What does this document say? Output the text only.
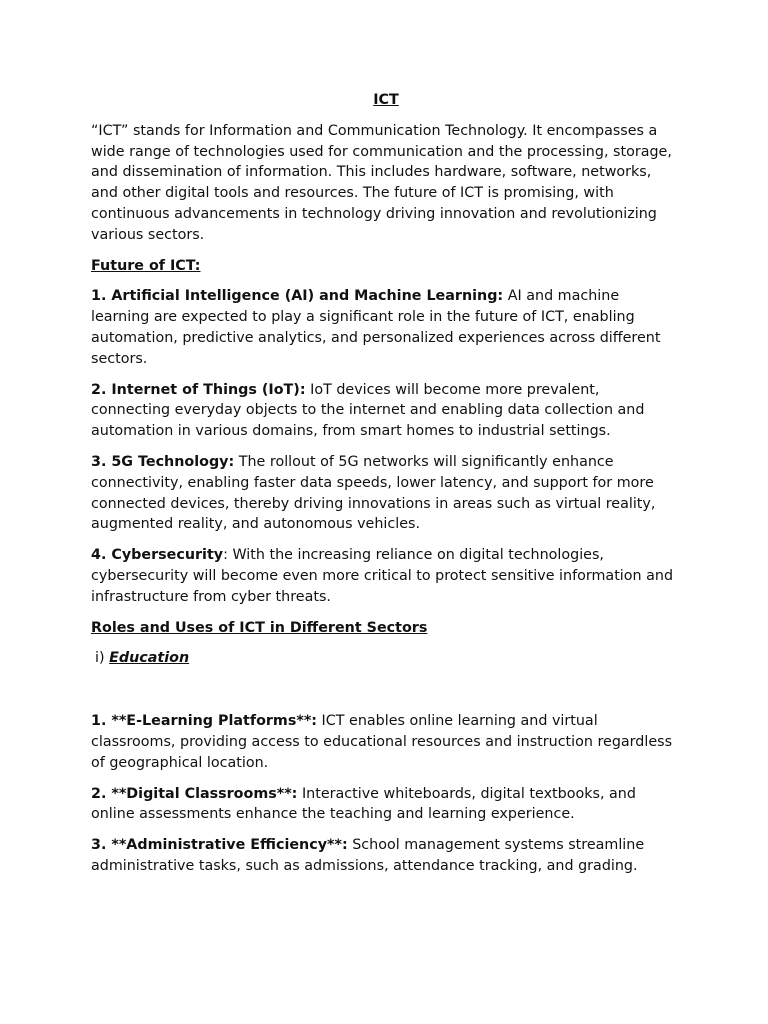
ICT

“ICT” stands for Information and Communication Technology. It encompasses a wide range of technologies used for communication and the processing, storage, and dissemination of information. This includes hardware, software, networks, and other digital tools and resources. The future of ICT is promising, with continuous advancements in technology driving innovation and revolutionizing various sectors.

Future of ICT:

1. Artificial Intelligence (AI) and Machine Learning: AI and machine learning are expected to play a significant role in the future of ICT, enabling automation, predictive analytics, and personalized experiences across different sectors.

2. Internet of Things (IoT): IoT devices will become more prevalent, connecting everyday objects to the internet and enabling data collection and automation in various domains, from smart homes to industrial settings.

3. 5G Technology: The rollout of 5G networks will significantly enhance connectivity, enabling faster data speeds, lower latency, and support for more connected devices, thereby driving innovations in areas such as virtual reality, augmented reality, and autonomous vehicles.

4. Cybersecurity: With the increasing reliance on digital technologies, cybersecurity will become even more critical to protect sensitive information and infrastructure from cyber threats.

Roles and Uses of ICT in Different Sectors

i) Education

1. **E-Learning Platforms**: ICT enables online learning and virtual classrooms, providing access to educational resources and instruction regardless of geographical location.

2. **Digital Classrooms**: Interactive whiteboards, digital textbooks, and online assessments enhance the teaching and learning experience.

3. **Administrative Efficiency**: School management systems streamline administrative tasks, such as admissions, attendance tracking, and grading.
